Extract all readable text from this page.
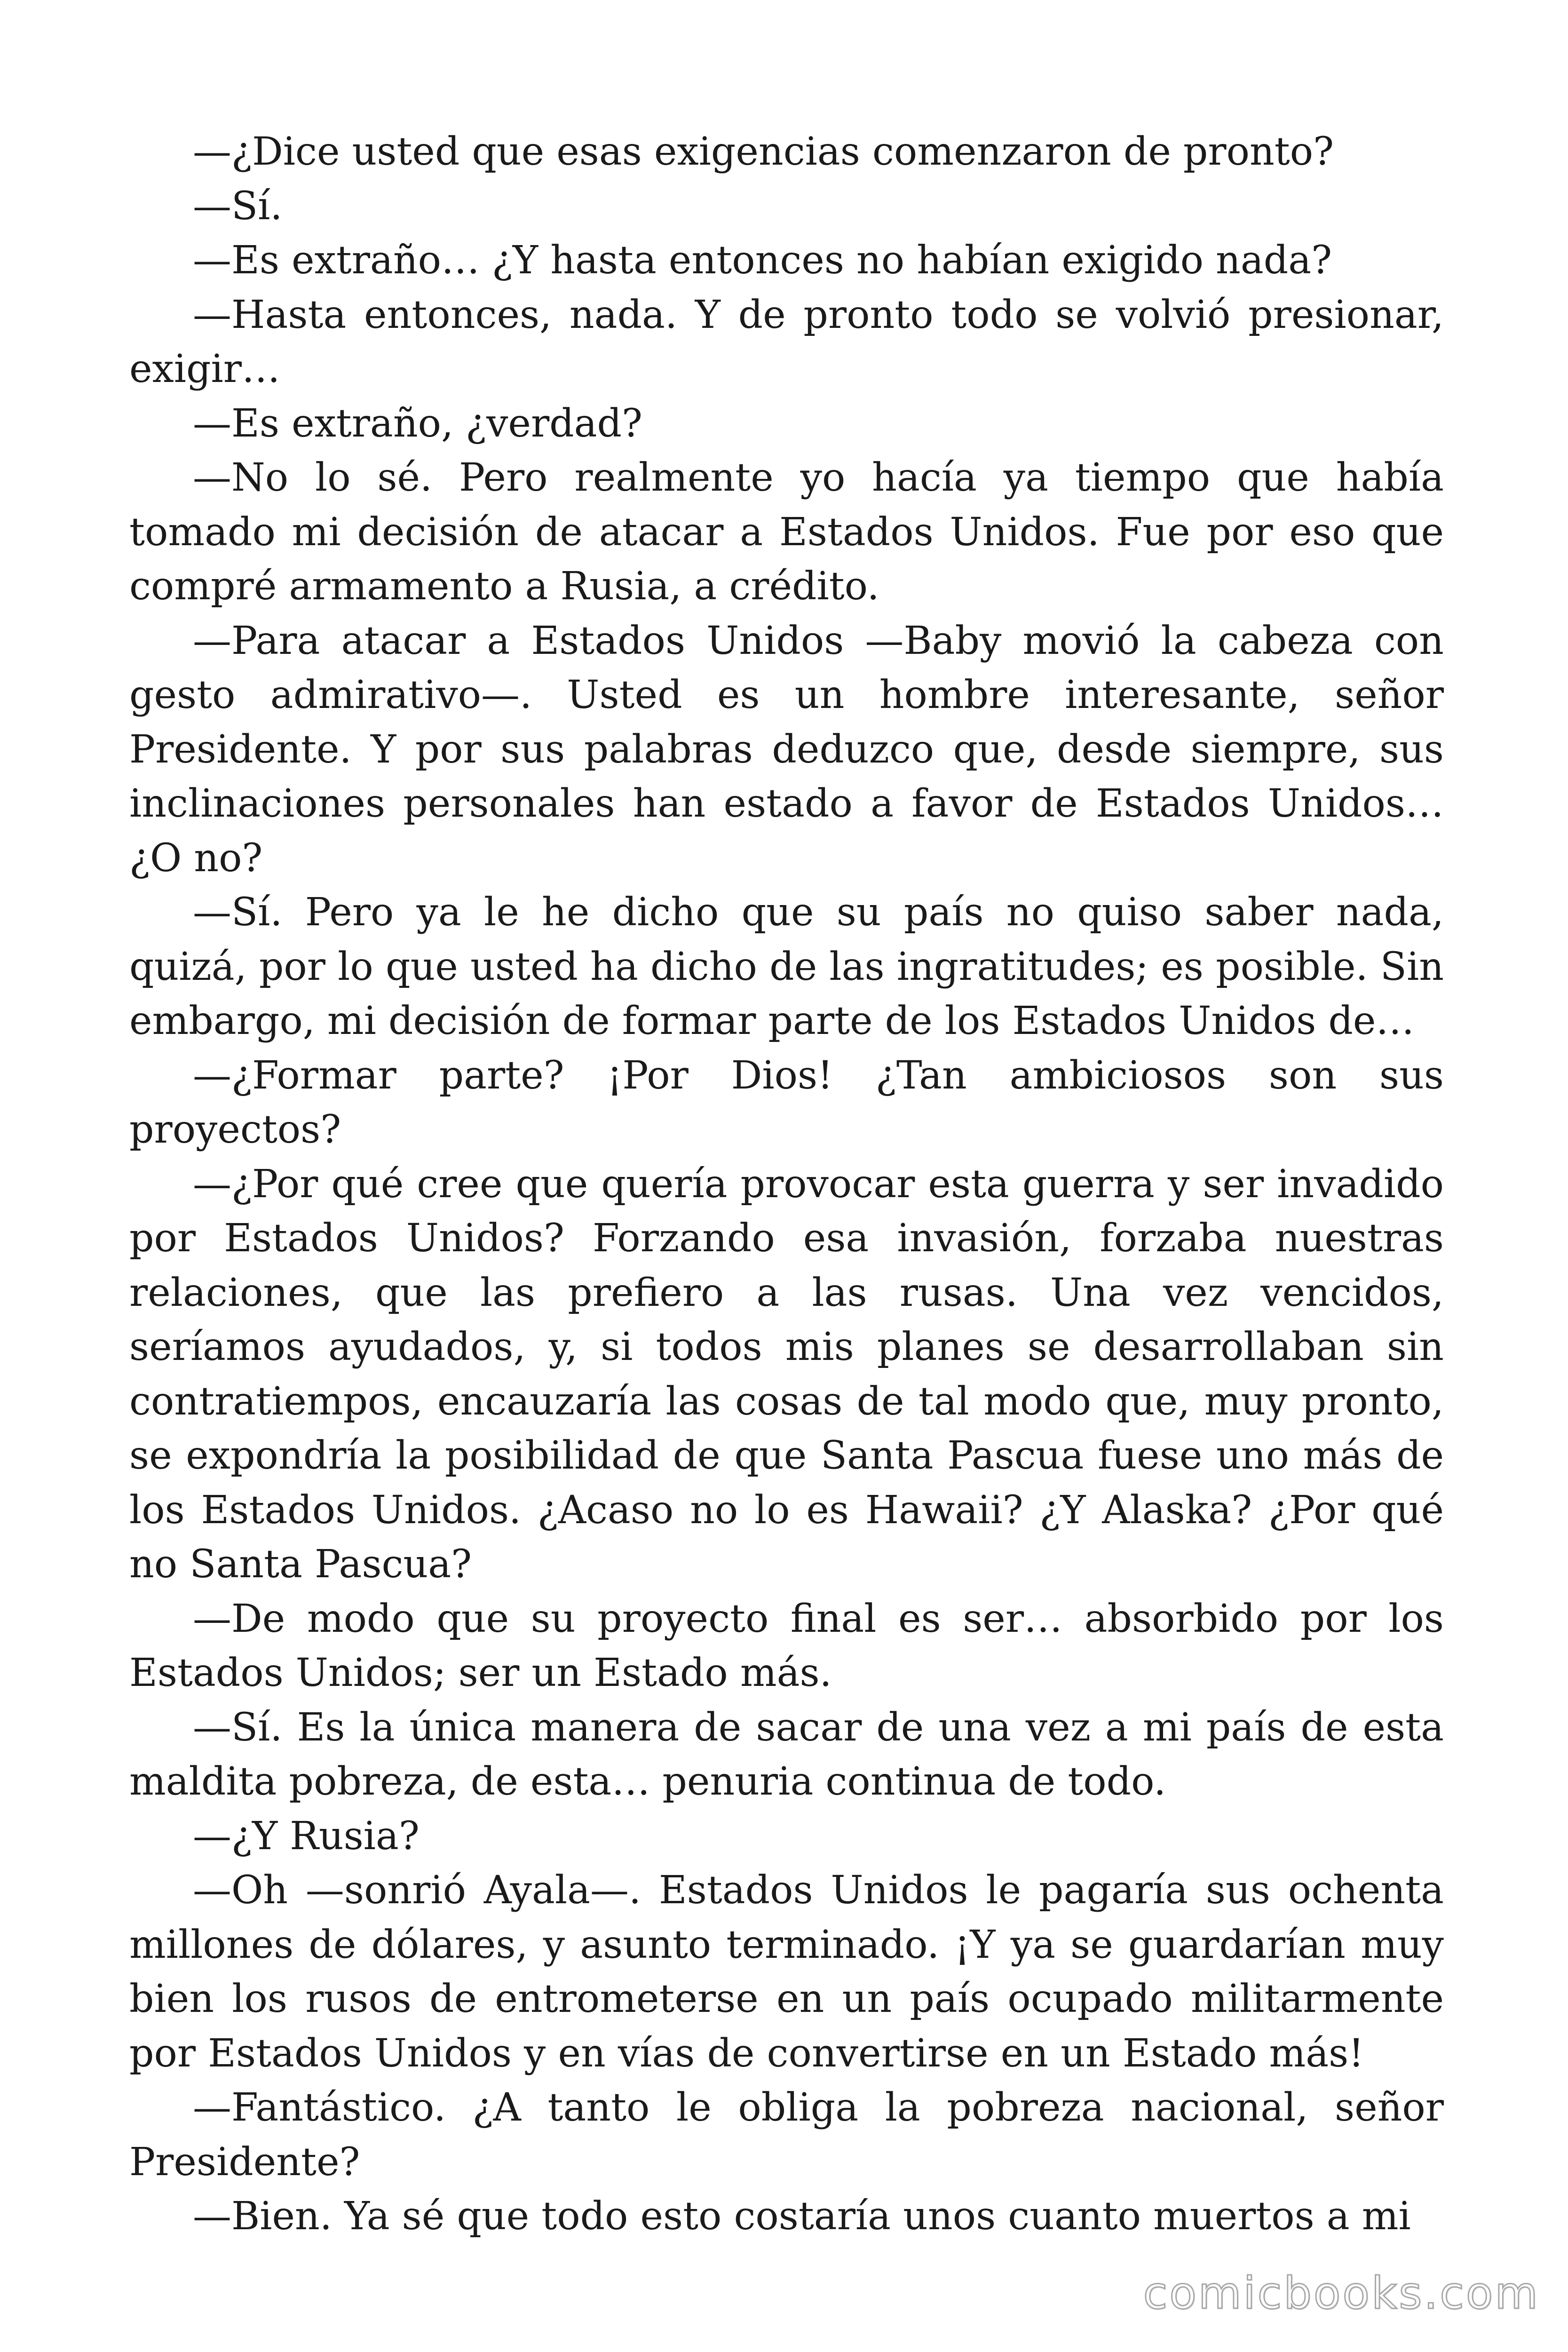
—¿Dice usted que esas exigencias comenzaron de pronto?

—Sí.

—Es extraño… ¿Y hasta entonces no habían exigido nada?

—Hasta entonces, nada. Y de pronto todo se volvió presionar, exigir…

—Es extraño, ¿verdad?

—No lo sé. Pero realmente yo hacía ya tiempo que había tomado mi decisión de atacar a Estados Unidos. Fue por eso que compré armamento a Rusia, a crédito.

—Para atacar a Estados Unidos —Baby movió la cabeza con gesto admirativo—. Usted es un hombre interesante, señor Presidente. Y por sus palabras deduzco que, desde siempre, sus inclinaciones personales han estado a favor de Estados Unidos… ¿O no?

—Sí. Pero ya le he dicho que su país no quiso saber nada, quizá, por lo que usted ha dicho de las ingratitudes; es posible. Sin embargo, mi decisión de formar parte de los Estados Unidos de…

—¿Formar parte? ¡Por Dios! ¿Tan ambiciosos son sus proyectos?

—¿Por qué cree que quería provocar esta guerra y ser invadido por Estados Unidos? Forzando esa invasión, forzaba nuestras relaciones, que las prefiero a las rusas. Una vez vencidos, seríamos ayudados, y, si todos mis planes se desarrollaban sin contratiempos, encauzaría las cosas de tal modo que, muy pronto, se expondría la posibilidad de que Santa Pascua fuese uno más de los Estados Unidos. ¿Acaso no lo es Hawaii? ¿Y Alaska? ¿Por qué no Santa Pascua?

—De modo que su proyecto final es ser… absorbido por los Estados Unidos; ser un Estado más.

—Sí. Es la única manera de sacar de una vez a mi país de esta maldita pobreza, de esta… penuria continua de todo.

—¿Y Rusia?

—Oh —sonrió Ayala—. Estados Unidos le pagaría sus ochenta millones de dólares, y asunto terminado. ¡Y ya se guardarían muy bien los rusos de entrometerse en un país ocupado militarmente por Estados Unidos y en vías de convertirse en un Estado más!

—Fantástico. ¿A tanto le obliga la pobreza nacional, señor Presidente?

—Bien. Ya sé que todo esto costaría unos cuanto muertos a mi

comicbooks.com
